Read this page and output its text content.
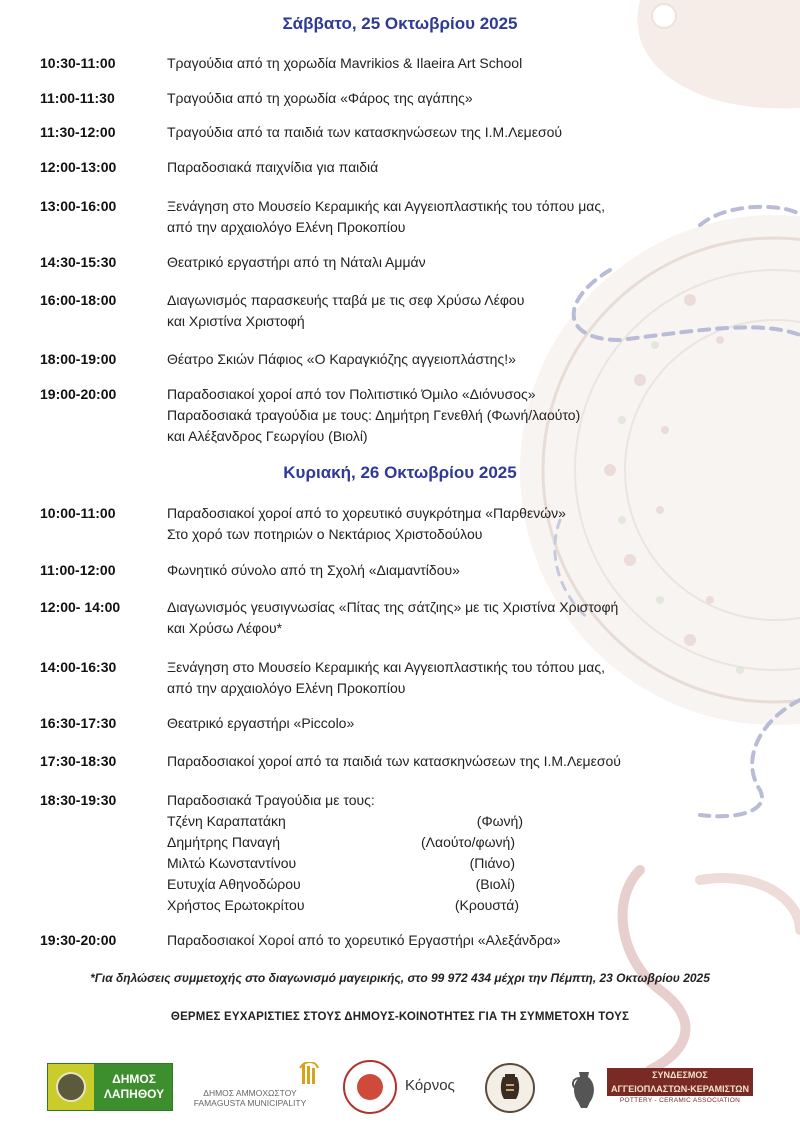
Σάββατο, 25 Οκτωβρίου 2025
10:30-11:00	Τραγούδια από τη χορωδία Mavrikios & Ilaeira Art School
11:00-11:30	Τραγούδια από τη χορωδία «Φάρος της αγάπης»
11:30-12:00	Τραγούδια από τα παιδιά των κατασκηνώσεων της Ι.Μ.Λεμεσού
12:00-13:00	Παραδοσιακά παιχνίδια για παιδιά
13:00-16:00	Ξενάγηση στο Μουσείο Κεραμικής και Αγγειοπλαστικής του τόπου μας,
από την αρχαιολόγο Ελένη Προκοπίου
14:30-15:30	Θεατρικό εργαστήρι από τη Νάταλι Αμμάν
16:00-18:00	Διαγωνισμός παρασκευής τταβά με τις σεφ Χρύσω Λέφου
και Χριστίνα Χριστοφή
18:00-19:00	Θέατρο Σκιών Πάφιος «Ο Καραγκιόζης αγγειοπλάστης!»
19:00-20:00	Παραδοσιακοί χοροί από τον Πολιτιστικό Όμιλο «Διόνυσος»
Παραδοσιακά τραγούδια με τους: Δημήτρη Γενεθλή (Φωνή/λαούτο)
και Αλέξανδρος Γεωργίου (Βιολί)
Κυριακή, 26 Οκτωβρίου 2025
10:00-11:00	Παραδοσιακοί χοροί από το χορευτικό συγκρότημα «Παρθενών»
Στο χορό των ποτηριών ο Νεκτάριος Χριστοδούλου
11:00-12:00	Φωνητικό σύνολο από τη Σχολή «Διαμαντίδου»
12:00- 14:00	Διαγωνισμός γευσιγνωσίας «Πίτας της σάτζιης» με τις Χριστίνα Χριστοφή
και Χρύσω Λέφου*
14:00-16:30	Ξενάγηση στο Μουσείο Κεραμικής και Αγγειοπλαστικής του τόπου μας,
από την αρχαιολόγο Ελένη Προκοπίου
16:30-17:30	Θεατρικό εργαστήρι «Piccolo»
17:30-18:30	Παραδοσιακοί χοροί από τα παιδιά των κατασκηνώσεων της Ι.Μ.Λεμεσού
18:30-19:30	Παραδοσιακά Τραγούδια με τους:
Τζένη Καραπατάκη	(Φωνή)
Δημήτρης Παναγή	(Λαούτο/φωνή)
Μιλτώ Κωνσταντίνου	(Πιάνο)
Ευτυχία Αθηνοδώρου	(Βιολί)
Χρήστος Ερωτοκρίτου	(Κρουστά)
19:30-20:00	Παραδοσιακοί Χοροί από το χορευτικό Εργαστήρι «Αλεξάνδρα»
*Για δηλώσεις συμμετοχής στο διαγωνισμό μαγειρικής, στο 99 972 434 μέχρι την Πέμπτη, 23 Οκτωβρίου 2025
ΘΕΡΜΕΣ ΕΥΧΑΡΙΣΤΙΕΣ ΣΤΟΥΣ ΔΗΜΟΥΣ-ΚΟΙΝΟΤΗΤΕΣ ΓΙΑ ΤΗ ΣΥΜΜΕΤΟΧΗ ΤΟΥΣ
ΔΗΜΟΣ ΛΑΠΗΘΟΥ	ΔΗΜΟΣ ΑΜΜΟΧΩΣΤΟΥ
FAMAGUSTA MUNICIPALITY
Κόρνος
ΣΥΝΔΕΣΜΟΣ
ΑΓΓΕΙΟΠΛΑΣΤΩΝ-ΚΕΡΑΜΙΣΤΩΝ
POTTERY - CERAMIC ASSOCIATION
